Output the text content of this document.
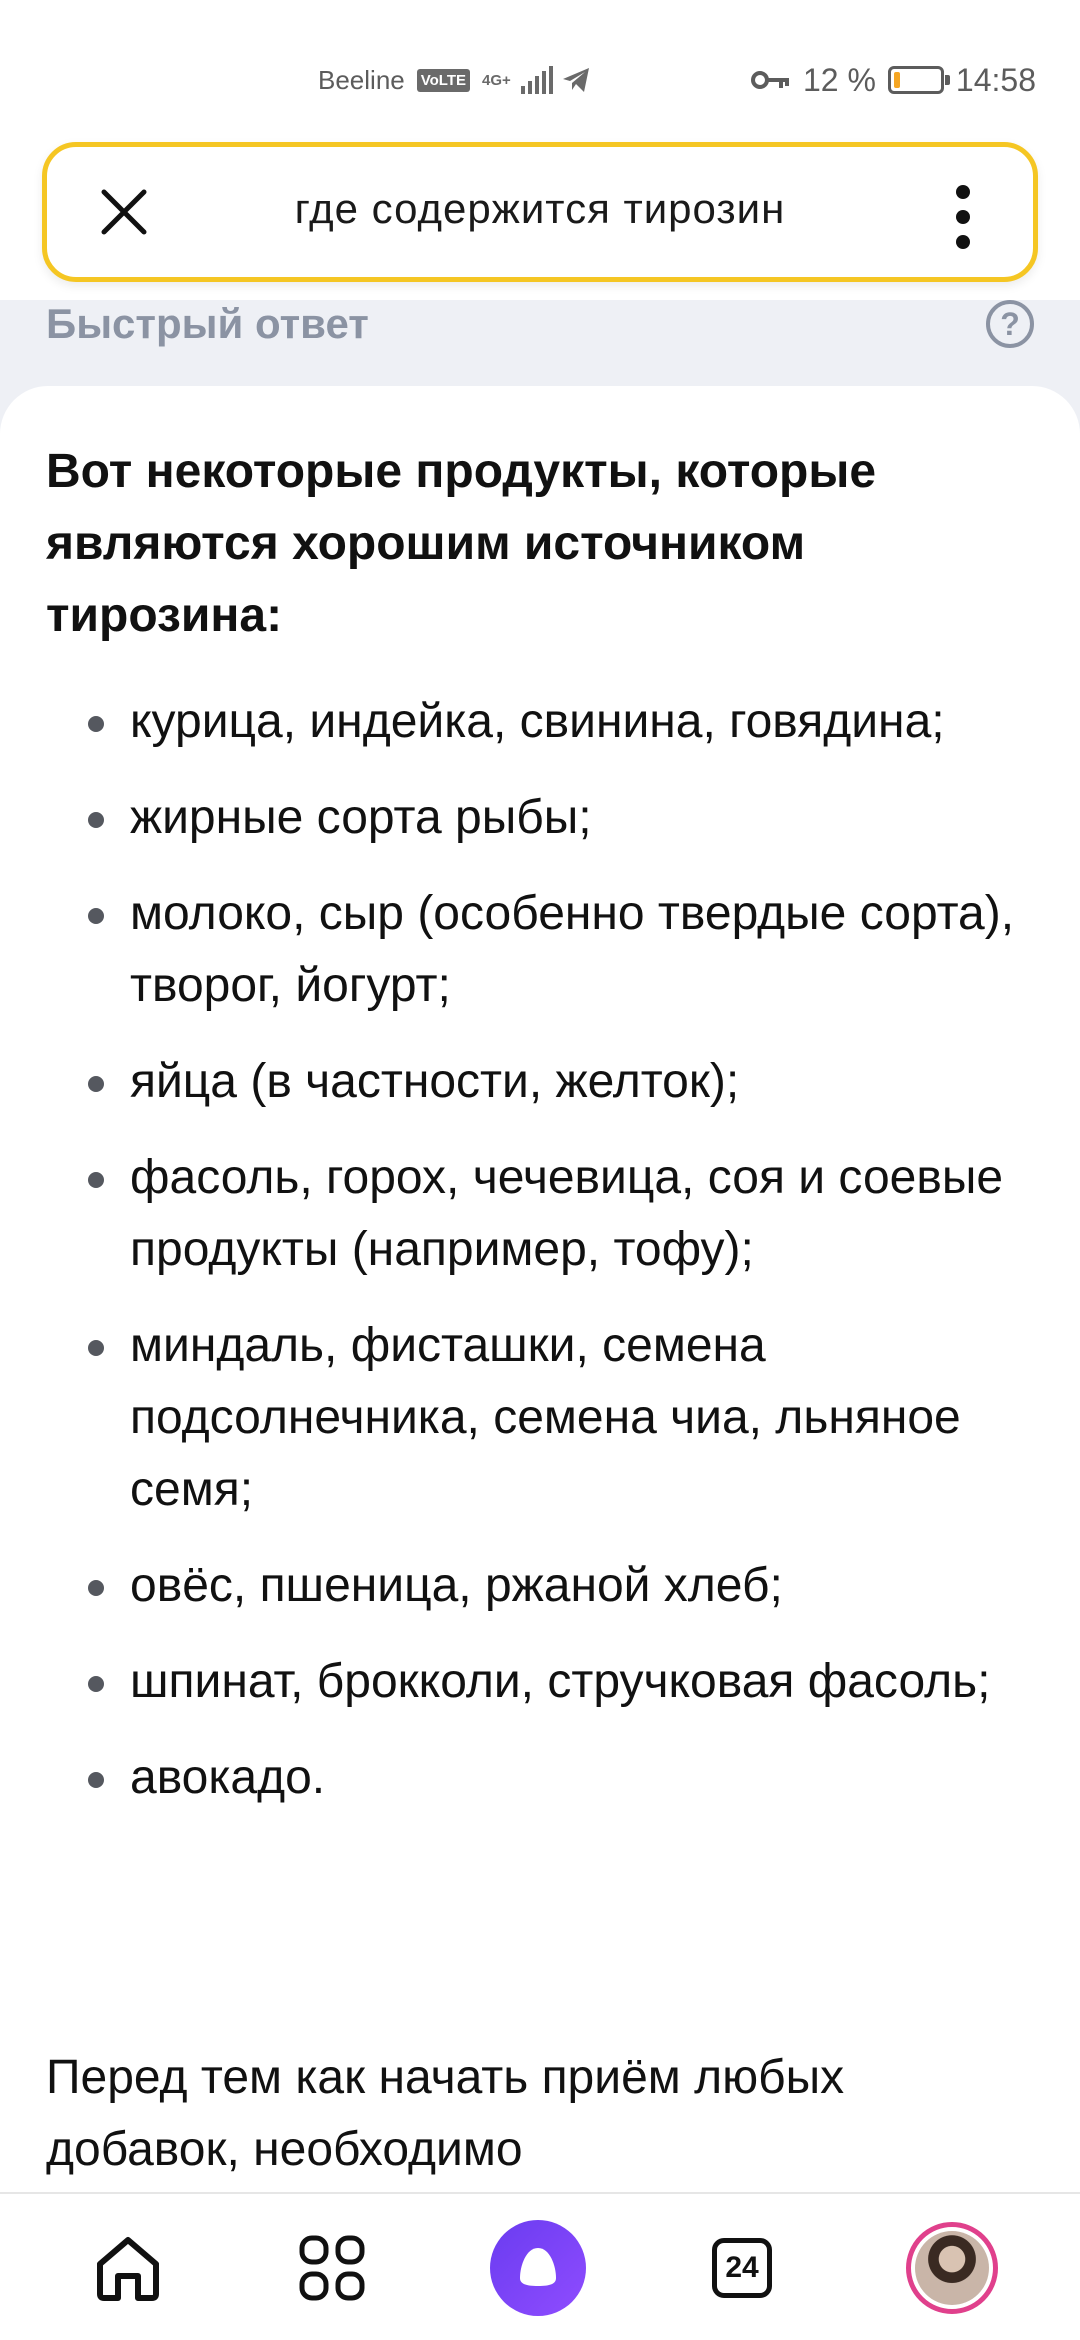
Beeline VoLTE 4G+	12 %	14:58
Быстрый ответ	?
где содержится тирозин
Вот некоторые продукты, которые являются хорошим источником тирозина:
курица, индейка, свинина, говядина;
жирные сорта рыбы;
молоко, сыр (особенно твердые сорта), творог, йогурт;
яйца (в частности, желток);
фасоль, горох, чечевица, соя и соевые продукты (например, тофу);
миндаль, фисташки, семена подсолнечника, семена чиа, льняное семя;
овёс, пшеница, ржаной хлеб;
шпинат, брокколи, стручковая фасоль;
авокадо.
Перед тем как начать приём любых добавок, необходимо
24
